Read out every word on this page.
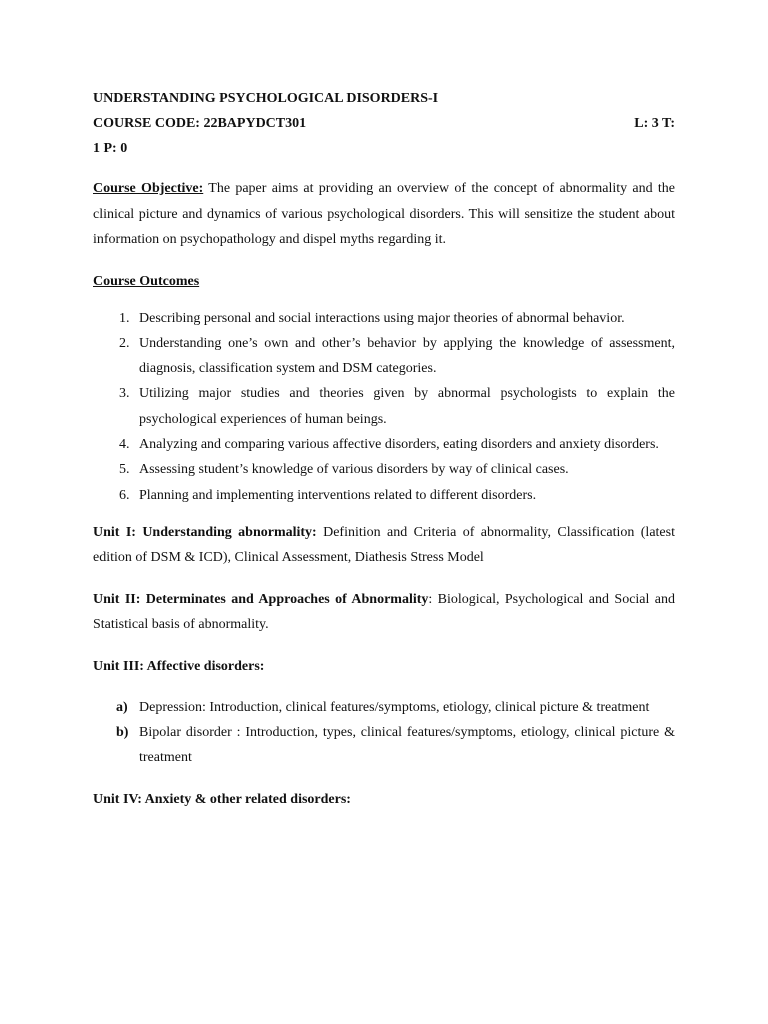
UNDERSTANDING PSYCHOLOGICAL DISORDERS-I

COURSE CODE: 22BAPYDCT301	L: 3 T:

1 P: 0

Course Objective: The paper aims at providing an overview of the concept of abnormality and the clinical picture and dynamics of various psychological disorders. This will sensitize the student about information on psychopathology and dispel myths regarding it.

Course Outcomes

1. Describing personal and social interactions using major theories of abnormal behavior.
2. Understanding one’s own and other’s behavior by applying the knowledge of assessment, diagnosis, classification system and DSM categories.
3. Utilizing major studies and theories given by abnormal psychologists to explain the psychological experiences of human beings.
4. Analyzing and comparing various affective disorders, eating disorders and anxiety disorders.
5. Assessing student’s knowledge of various disorders by way of clinical cases.
6. Planning and implementing interventions related to different disorders.

Unit I: Understanding abnormality: Definition and Criteria of abnormality, Classification (latest edition of DSM & ICD), Clinical Assessment, Diathesis Stress Model

Unit II: Determinates and Approaches of Abnormality: Biological, Psychological and Social and Statistical basis of abnormality.

Unit III: Affective disorders:

a) Depression: Introduction, clinical features/symptoms, etiology, clinical picture & treatment
b) Bipolar disorder : Introduction, types, clinical features/symptoms, etiology, clinical picture & treatment

Unit IV: Anxiety & other related disorders:
